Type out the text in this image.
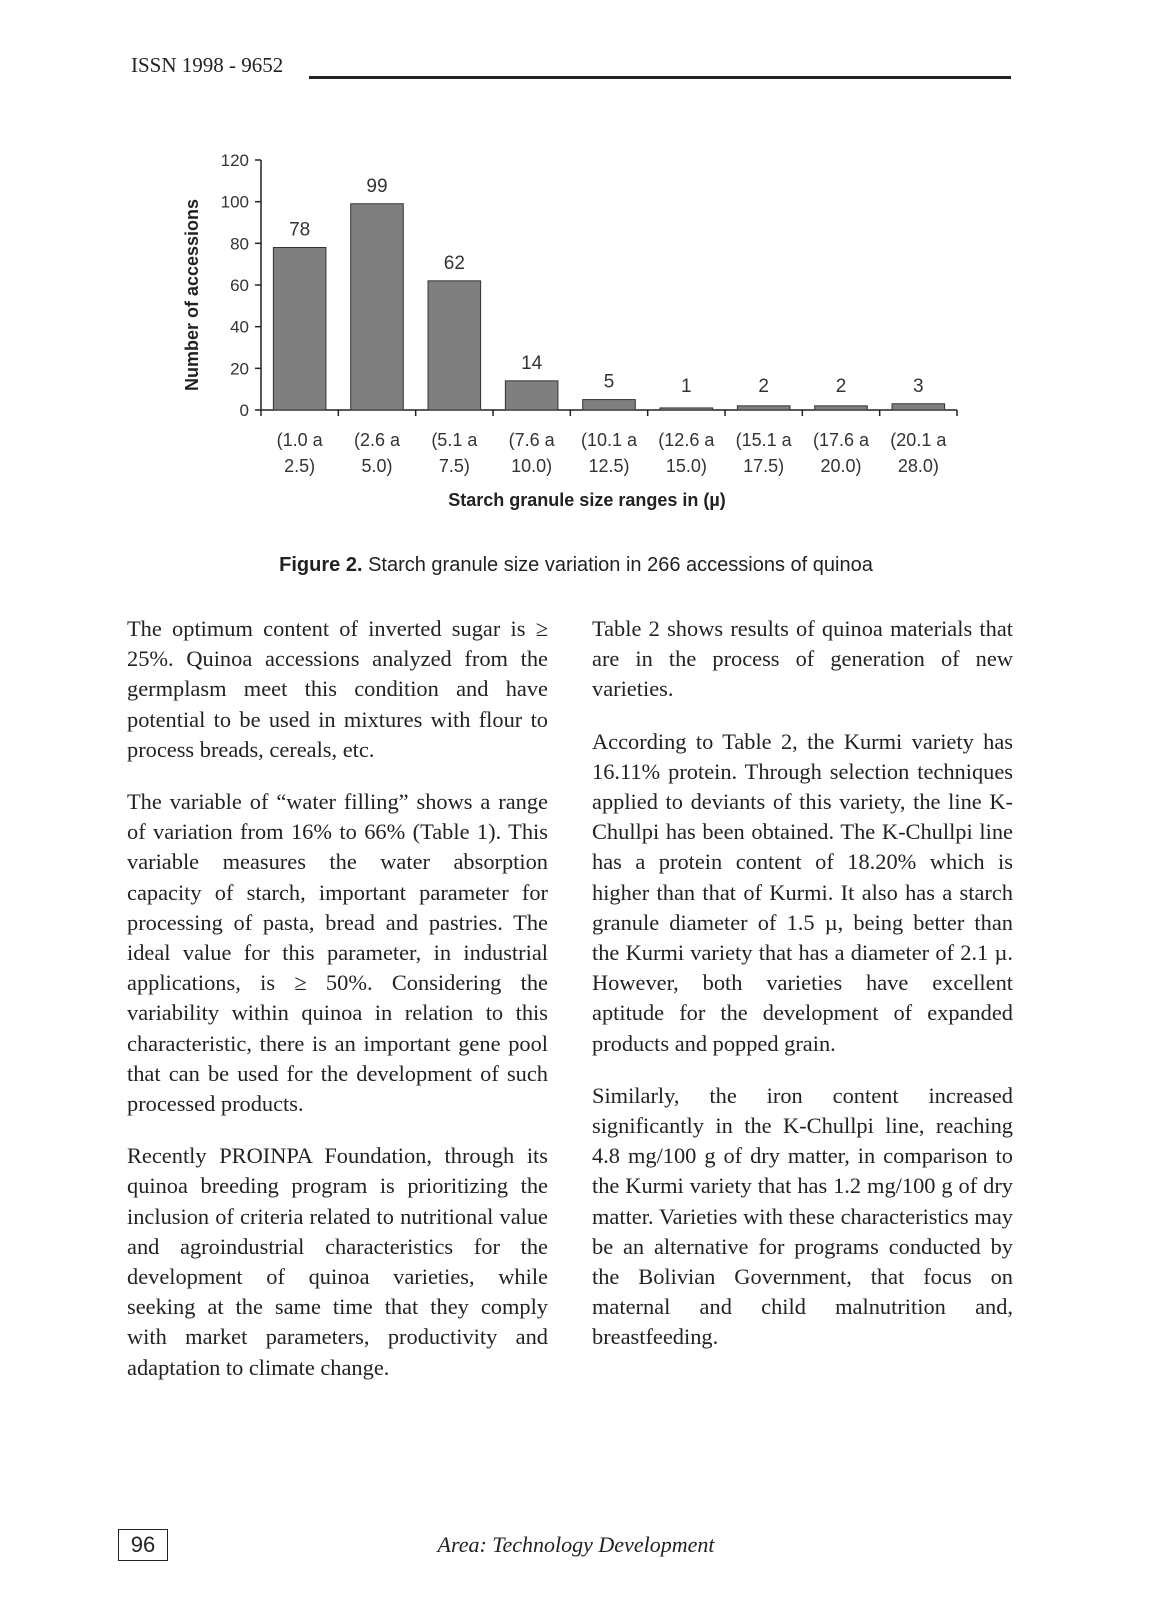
ISSN 1998 - 9652
0
20
40
60
80
100
120
78
(1.0 a
2.5)
99
(2.6 a
5.0)
62
(5.1 a
7.5)
14
(7.6 a
10.0)
5
(10.1 a
12.5)
1
(12.6 a
15.0)
2
(15.1 a
17.5)
2
(17.6 a
20.0)
3
(20.1 a
28.0)
Starch granule size ranges in (µ)
Number of accessions
Figure 2. Starch granule size variation in 266 accessions of quinoa

The optimum content of inverted sugar is ≥ 25%. Quinoa accessions analyzed from the germplasm meet this condition and have potential to be used in mixtures with flour to process breads, cereals, etc.

The variable of “water filling” shows a range of variation from 16% to 66% (Table 1). This variable measures the water absorption capacity of starch, important parameter for processing of pasta, bread and pastries. The ideal value for this parameter, in industrial applications, is ≥ 50%. Considering the variability within quinoa in relation to this characteristic, there is an important gene pool that can be used for the development of such processed products.

Recently PROINPA Foundation, through its quinoa breeding program is prioritizing the inclusion of criteria related to nutritional value and agroindustrial characteristics for the development of quinoa varieties, while seeking at the same time that they comply with market parameters, productivity and adaptation to climate change.

Table 2 shows results of quinoa materials that are in the process of generation of new varieties.

According to Table 2, the Kurmi variety has 16.11% protein. Through selection techniques applied to deviants of this variety, the line K-Chullpi has been obtained. The K-Chullpi line has a protein content of 18.20% which is higher than that of Kurmi. It also has a starch granule diameter of 1.5 µ, being better than the Kurmi variety that has a diameter of 2.1 µ. However, both varieties have excellent aptitude for the development of expanded products and popped grain.

Similarly, the iron content increased significantly in the K-Chullpi line, reaching 4.8 mg/100 g of dry matter, in comparison to the Kurmi variety that has 1.2 mg/100 g of dry matter. Varieties with these characteristics may be an alternative for programs conducted by the Bolivian Government, that focus on maternal and child malnutrition and, breastfeeding.

96	Area: Technology Development
